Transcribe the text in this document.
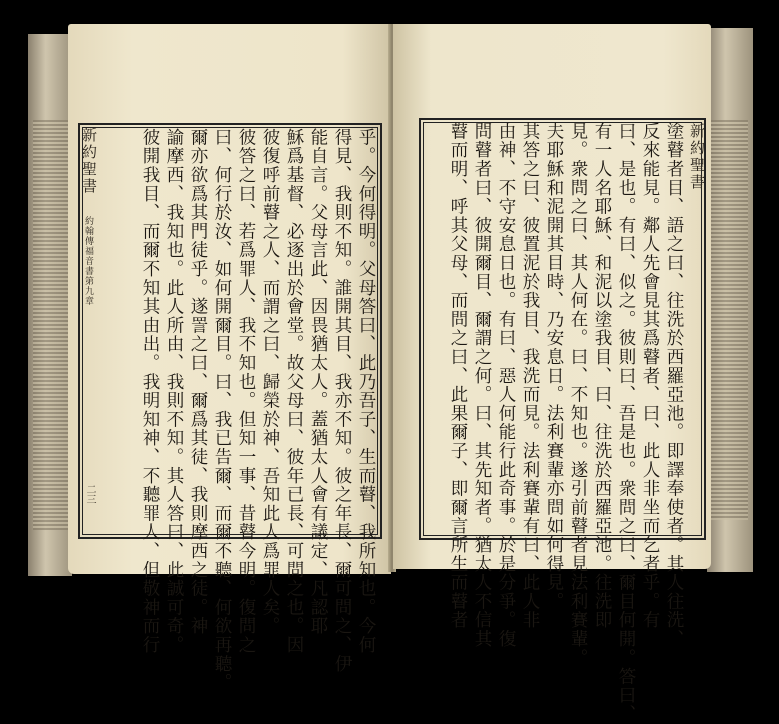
新約聖書
約翰傳福音書第九章
二三	乎。今何得明。父母答曰、此乃吾子、生而瞽、我所知也。今何
得見、我則不知。誰開其目、我亦不知。彼之年長、爾可問之、伊
能自言。父母言此、因畏猶太人。蓋猶太人會有議定、凡認耶
穌爲基督、必逐出於會堂。故父母曰、彼年已長、可問之也。因
彼復呼前瞽之人、而謂之曰、歸榮於神、吾知此人爲罪人矣。
彼答之曰、若爲罪人、我不知也。但知一事、昔瞽今明。復問之
曰、何行於汝、如何開爾目。曰、我已告爾、而爾不聽、何欲再聽。
爾亦欲爲其門徒乎。遂詈之曰、爾爲其徒、我則摩西之徒。神
諭摩西、我知也。此人所由、我則不知。其人答曰、此誠可奇。
彼開我目、而爾不知其由出。我明知神、不聽罪人、但敬神而行	新約聖書
塗瞽者目、語之曰、往洗於西羅亞池。即譯奉使者。其人往洗、
反來能見。鄰人先會見其爲瞽者、曰、此人非坐而乞者乎。有
曰、是也。有曰、似之。彼則曰、吾是也。衆問之曰、爾目何開。答曰、
有一人名耶穌、和泥以塗我目、曰、往洗於西羅亞池。往洗即
見。衆問之曰、其人何在。曰、不知也。遂引前瞽者見法利賽輩。
夫耶穌和泥開其目時、乃安息日。法利賽輩亦問如何得見。
其答之曰、彼置泥於我目、我洗而見。法利賽輩有曰、此人非
由神、不守安息日也。有曰、惡人何能行此奇事。於是分爭。復
問瞽者曰、彼開爾目、爾謂之何。曰、其先知者。猶太人不信其
瞽而明、呼其父母、而問之曰、此果爾子、即爾言所生而瞽者
